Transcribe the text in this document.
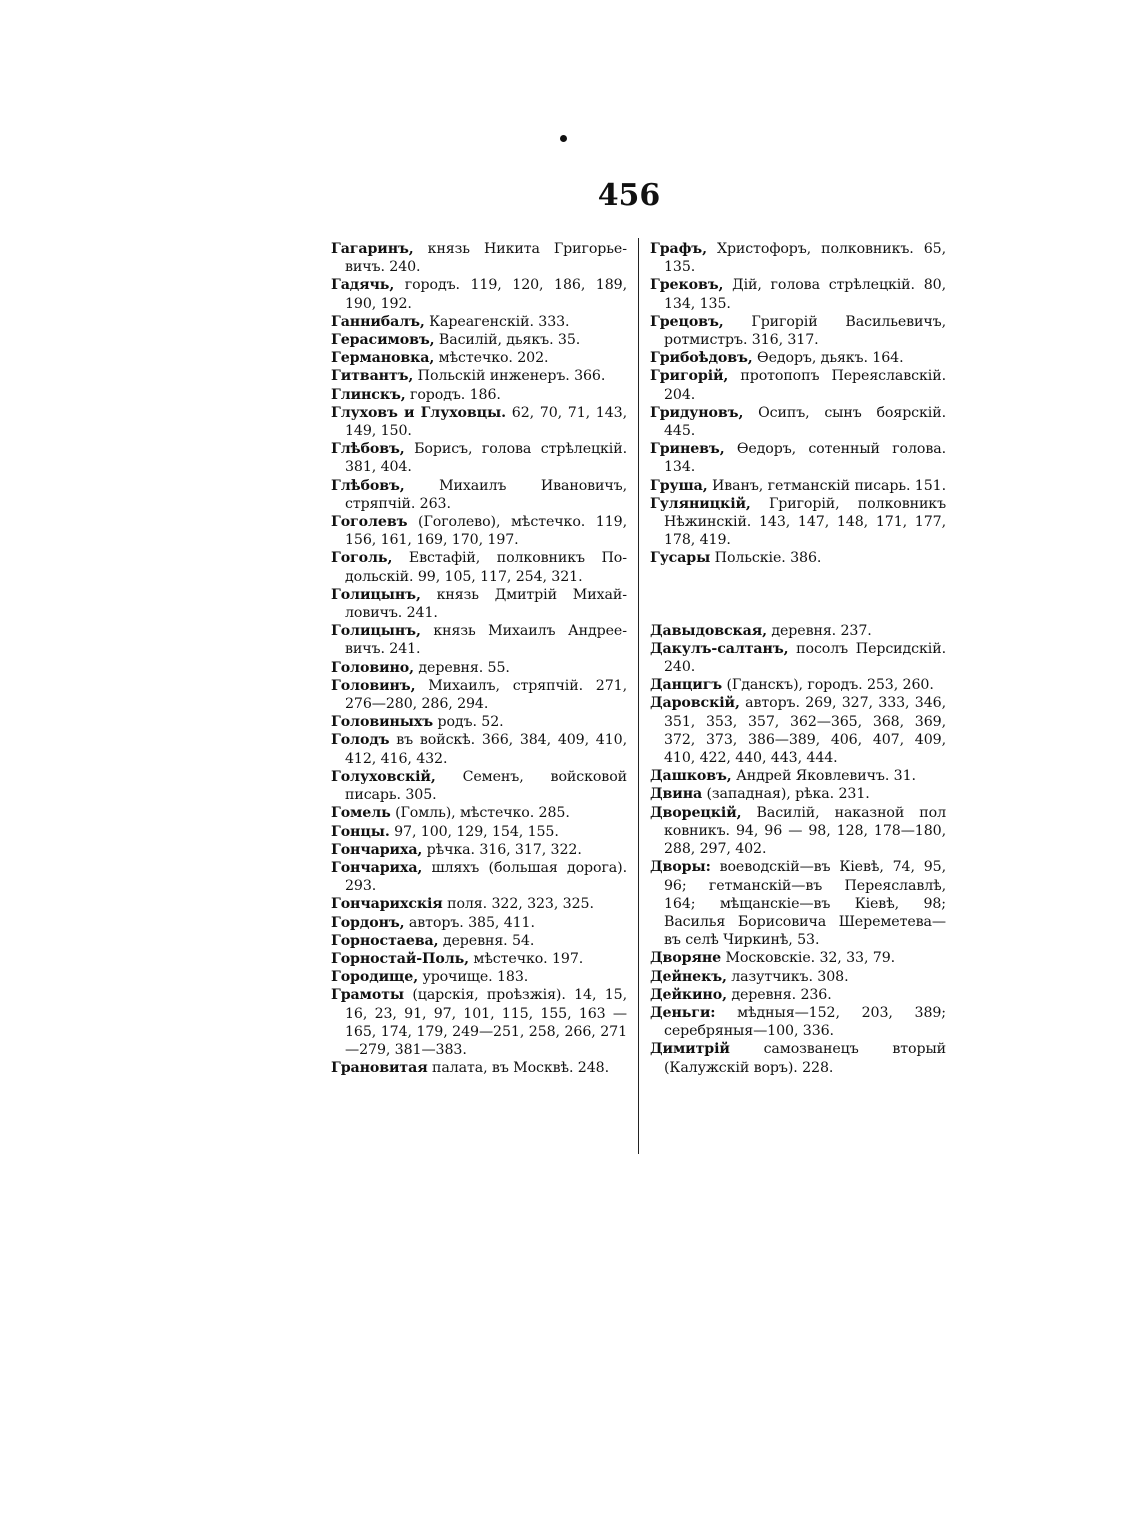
456
Гагаринъ, князь Никита Григорьевичъ. 240.
Гадячь, городъ. 119, 120, 186, 189, 190, 192.
Ганнибалъ, Кареагенскій. 333.
Герасимовъ, Василій, дьякъ. 35.
Германовка, мѣстечко. 202.
Гитвантъ, Польскій инженеръ. 366.
Глинскъ, городъ. 186.
Глуховъ и Глуховцы. 62, 70, 71, 143, 149, 150.
Глѣбовъ, Борисъ, голова стрѣлецкій. 381, 404.
Глѣбовъ, Михаилъ Ивановичъ, стряпчій. 263.
Гоголевъ (Гоголево), мѣстечко. 119, 156, 161, 169, 170, 197.
Гоголь, Евстафій, полковникъ Подольскій. 99, 105, 117, 254, 321.
Голицынъ, князь Дмитрій Михайловичъ. 241.
Голицынъ, князь Михаилъ Андреевичъ. 241.
Головино, деревня. 55.
Головинъ, Михаилъ, стряпчій. 271, 276—280, 286, 294.
Головиныхъ родъ. 52.
Голодъ въ войскѣ. 366, 384, 409, 410, 412, 416, 432.
Голуховскій, Семенъ, войсковой писарь. 305.
Гомель (Гомль), мѣстечко. 285.
Гонцы. 97, 100, 129, 154, 155.
Гончариха, рѣчка. 316, 317, 322.
Гончариха, шляхъ (большая дорога). 293.
Гончарихскія поля. 322, 323, 325.
Гордонъ, авторъ. 385, 411.
Горностаева, деревня. 54.
Горностай-Поль, мѣстечко. 197.
Городище, урочище. 183.
Грамоты (царскія, проѣзжія). 14, 15, 16, 23, 91, 97, 101, 115, 155, 163 — 165, 174, 179, 249—251, 258, 266, 271—279, 381—383.
Грановитая палата, въ Москвѣ. 248.
Графъ, Христофоръ, полковникъ. 65, 135.
Грековъ, Дій, голова стрѣлецкій. 80, 134, 135.
Грецовъ, Григорій Васильевичъ, ротмистръ. 316, 317.
Грибоѣдовъ, Ѳедоръ, дьякъ. 164.
Григорій, протопопъ Переяславскій. 204.
Гридуновъ, Осипъ, сынъ боярскій. 445.
Гриневъ, Ѳедоръ, сотенный голова. 134.
Груша, Иванъ, гетманскій писарь. 151.
Гуляницкій, Григорій, полковникъ Нѣжинскій. 143, 147, 148, 171, 177, 178, 419.
Гусары Польскіе. 386.
Давыдовская, деревня. 237.
Дакулъ-салтанъ, посолъ Персидскій. 240.
Данцигъ (Гданскъ), городъ. 253, 260.
Даровскій, авторъ. 269, 327, 333, 346, 351, 353, 357, 362—365, 368, 369, 372, 373, 386—389, 406, 407, 409, 410, 422, 440, 443, 444.
Дашковъ, Андрей Яковлевичъ. 31.
Двина (западная), рѣка. 231.
Дворецкій, Василій, наказной пол ковникъ. 94, 96 — 98, 128, 178—180, 288, 297, 402.
Дворы: воеводскій—въ Кіевѣ, 74, 95, 96; гетманскій—въ Переяславлѣ, 164; мѣщанскіе—въ Кіевѣ, 98; Василья Борисовича Шереметева—въ селѣ Чиркинѣ, 53.
Дворяне Московскіе. 32, 33, 79.
Дейнекъ, лазутчикъ. 308.
Дейкино, деревня. 236.
Деньги: мѣдныя—152, 203, 389; серебряныя—100, 336.
Димитрій самозванецъ вторый (Калужскій воръ). 228.
